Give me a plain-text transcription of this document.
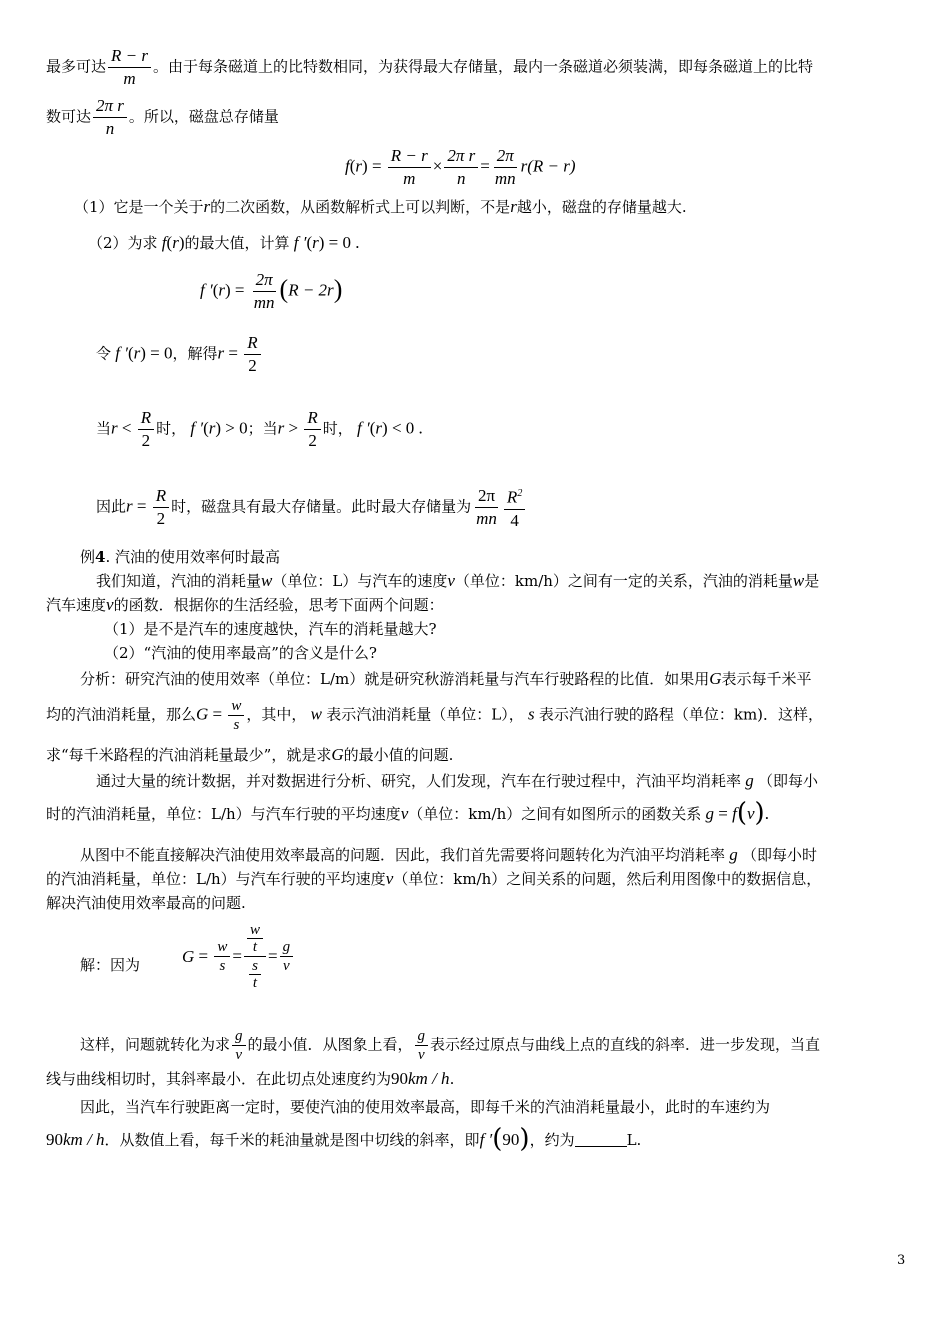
最多可达 $\frac{R - r}{m}$ 。由于每条磁道上的比特数相同，为获得最大存储量，最内一条磁道必须装满，即每条磁道上的比特
数可达 $\frac{\text{2π r}}{n}$ 。所以，磁盘总存储量
$f(r) = \frac{R - r}{m} \times \frac{\text{2π r}}{n} = \frac{2\pi}{mn} r(R - r)$
（1）它是一个关于r的二次函数，从函数解析式上可以判断，不是r越小，磁盘的存储量越大.
（2）为求 f(r)的最大值，计算 f ′(r) = 0 .
f $'(r) = \frac{2\pi}{mn} (R - 2r)$
令 f ′(r) = 0，解得$r = \frac{R}{2}$
当$r < \frac{R}{2}$ 时， f ′(r) > 0；当$r > \frac{R}{2}$ 时， f ′(r) < 0 .
因此$r = \frac{R}{2}$ 时，磁盘具有最大存储量。此时最大存储量为 $\frac{2\pi}{mn} \frac{R^2}{4}$
例4. 汽油的使用效率何时最高
我们知道，汽油的消耗量w（单位：L）与汽车的速度v（单位：km/h）之间有一定的关系，汽油的消耗量w是
汽车速度v的函数．根据你的生活经验，思考下面两个问题：
（1）是不是汽车的速度越快，汽车的消耗量越大?
（2）“汽油的使用率最高”的含义是什么?
分析：研究汽油的使用效率（单位：L/m）就是研究秋游消耗量与汽车行驶路程的比值．如果用G表示每千米平
均的汽油消耗量，那么$G = \frac{w}{s}$ ，其中， w 表示汽油消耗量（单位：L）， s 表示汽油行驶的路程（单位：km)．这样，
求“每千米路程的汽油消耗量最少”，就是求G的最小值的问题.
通过大量的统计数据，并对数据进行分析、研究，人们发现，汽车在行驶过程中，汽油平均消耗率 g （即每小
时的汽油消耗量，单位：L/h）与汽车行驶的平均速度v（单位：km/h）之间有如图所示的函数关系 g = f(v).
从图中不能直接解决汽油使用效率最高的问题．因此，我们首先需要将问题转化为汽油平均消耗率 g （即每小时
的汽油消耗量，单位：L/h）与汽车行驶的平均速度v（单位：km/h）之间关系的问题，然后利用图像中的数据信息，
解决汽油使用效率最高的问题.
解：因为 $G = \frac{w}{s} = w$
t
s
$t = \frac{g}{v}$
这样，问题就转化为求 $\frac{g}{v}$ 的最小值．从图象上看， $\frac{g}{v}$ 表示经过原点与曲线上点的直线的斜率．进一步发现，当直
线与曲线相切时，其斜率最小．在此切点处速度约为90km / h.
因此，当汽车行驶距离一定时，要使汽油的使用效率最高，即每千米的汽油消耗量最小，此时的车速约为
90km / h．从数值上看，每千米的耗油量就是图中切线的斜率，即f ′(90)，约为	L.
3
